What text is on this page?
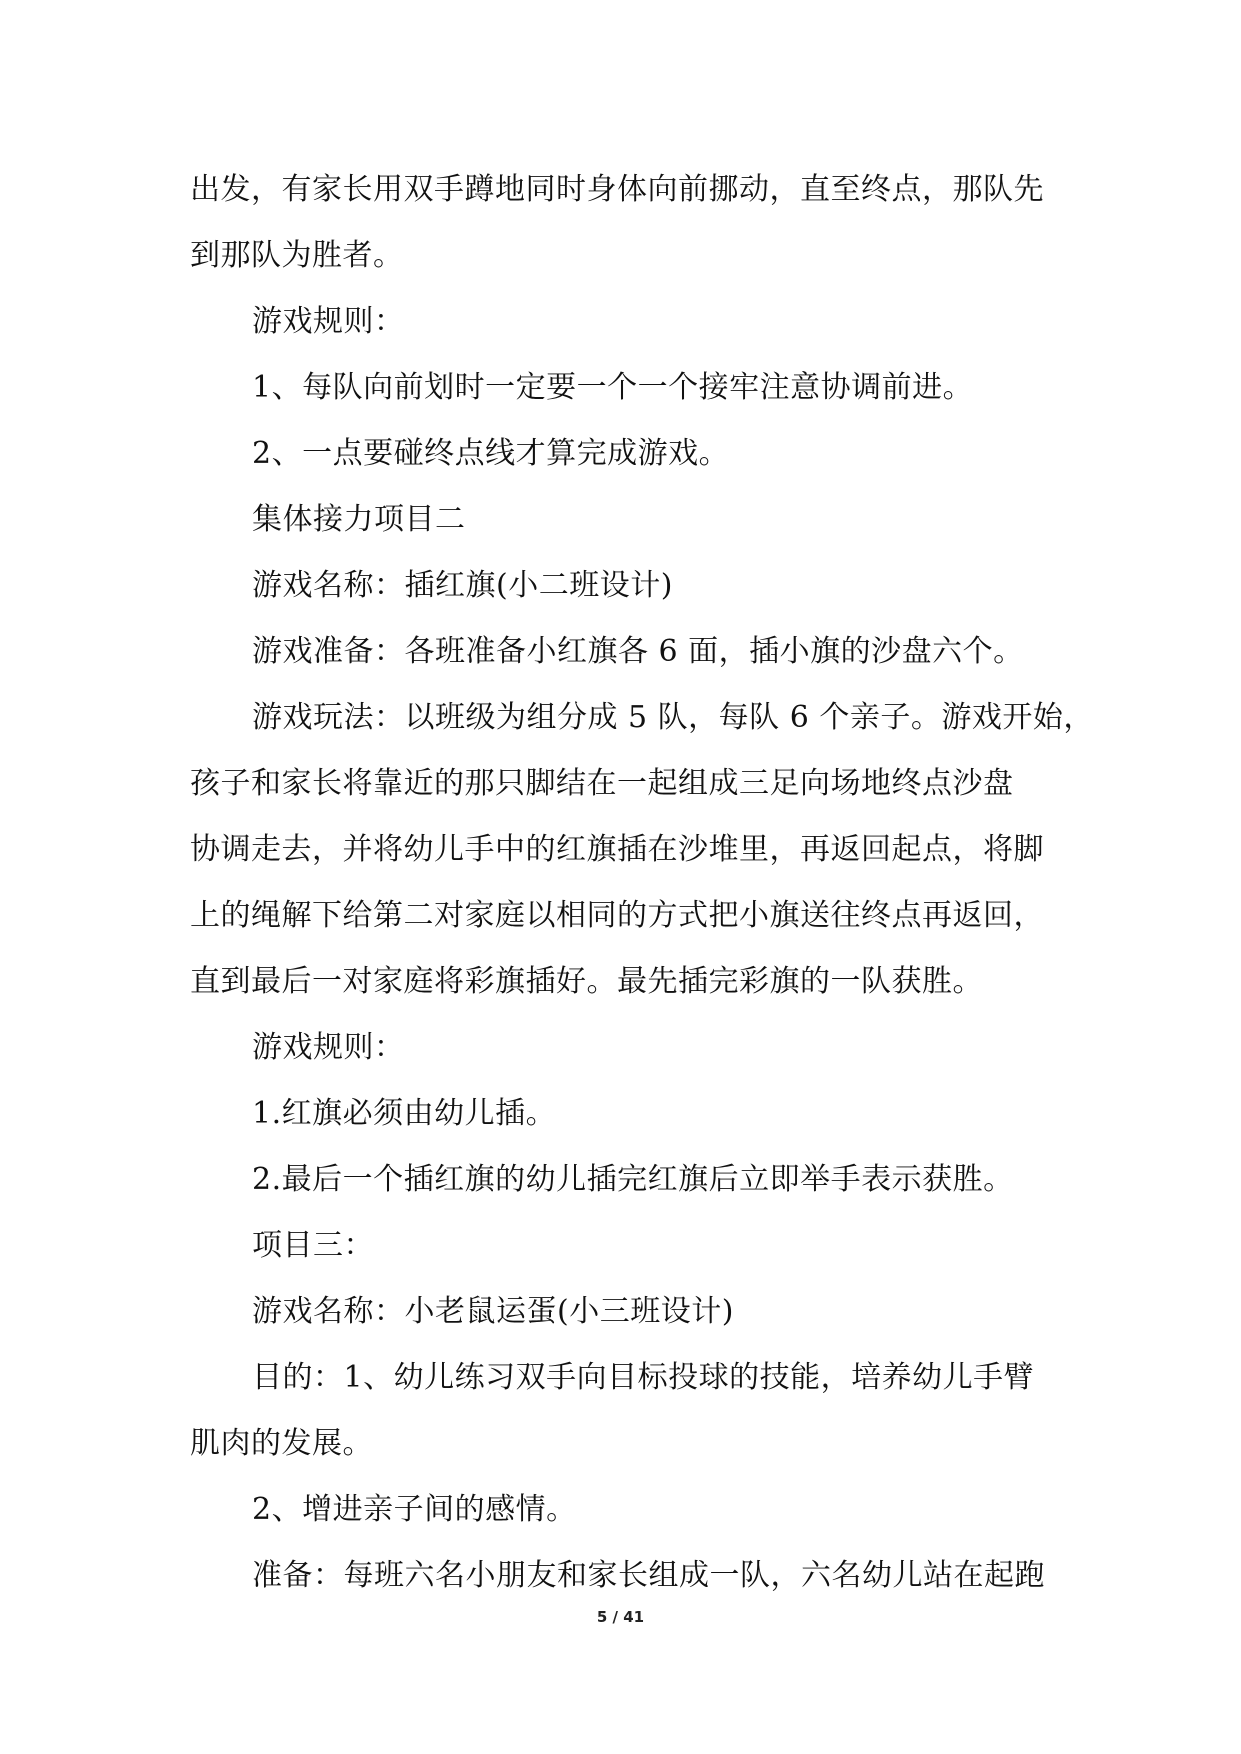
出发，有家长用双手蹲地同时身体向前挪动，直至终点，那队先
到那队为胜者。
游戏规则：
1、每队向前划时一定要一个一个接牢注意协调前进。
2、一点要碰终点线才算完成游戏。
集体接力项目二
游戏名称：插红旗(小二班设计)
游戏准备：各班准备小红旗各 6 面，插小旗的沙盘六个。
游戏玩法：以班级为组分成 5 队，每队 6 个亲子。游戏开始，
孩子和家长将靠近的那只脚结在一起组成三足向场地终点沙盘
协调走去，并将幼儿手中的红旗插在沙堆里，再返回起点，将脚
上的绳解下给第二对家庭以相同的方式把小旗送往终点再返回，
直到最后一对家庭将彩旗插好。最先插完彩旗的一队获胜。
游戏规则：
1.红旗必须由幼儿插。
2.最后一个插红旗的幼儿插完红旗后立即举手表示获胜。
项目三：
游戏名称：小老鼠运蛋(小三班设计)
目的：1、幼儿练习双手向目标投球的技能，培养幼儿手臂
肌肉的发展。
2、增进亲子间的感情。
准备：每班六名小朋友和家长组成一队，六名幼儿站在起跑
5 / 41
